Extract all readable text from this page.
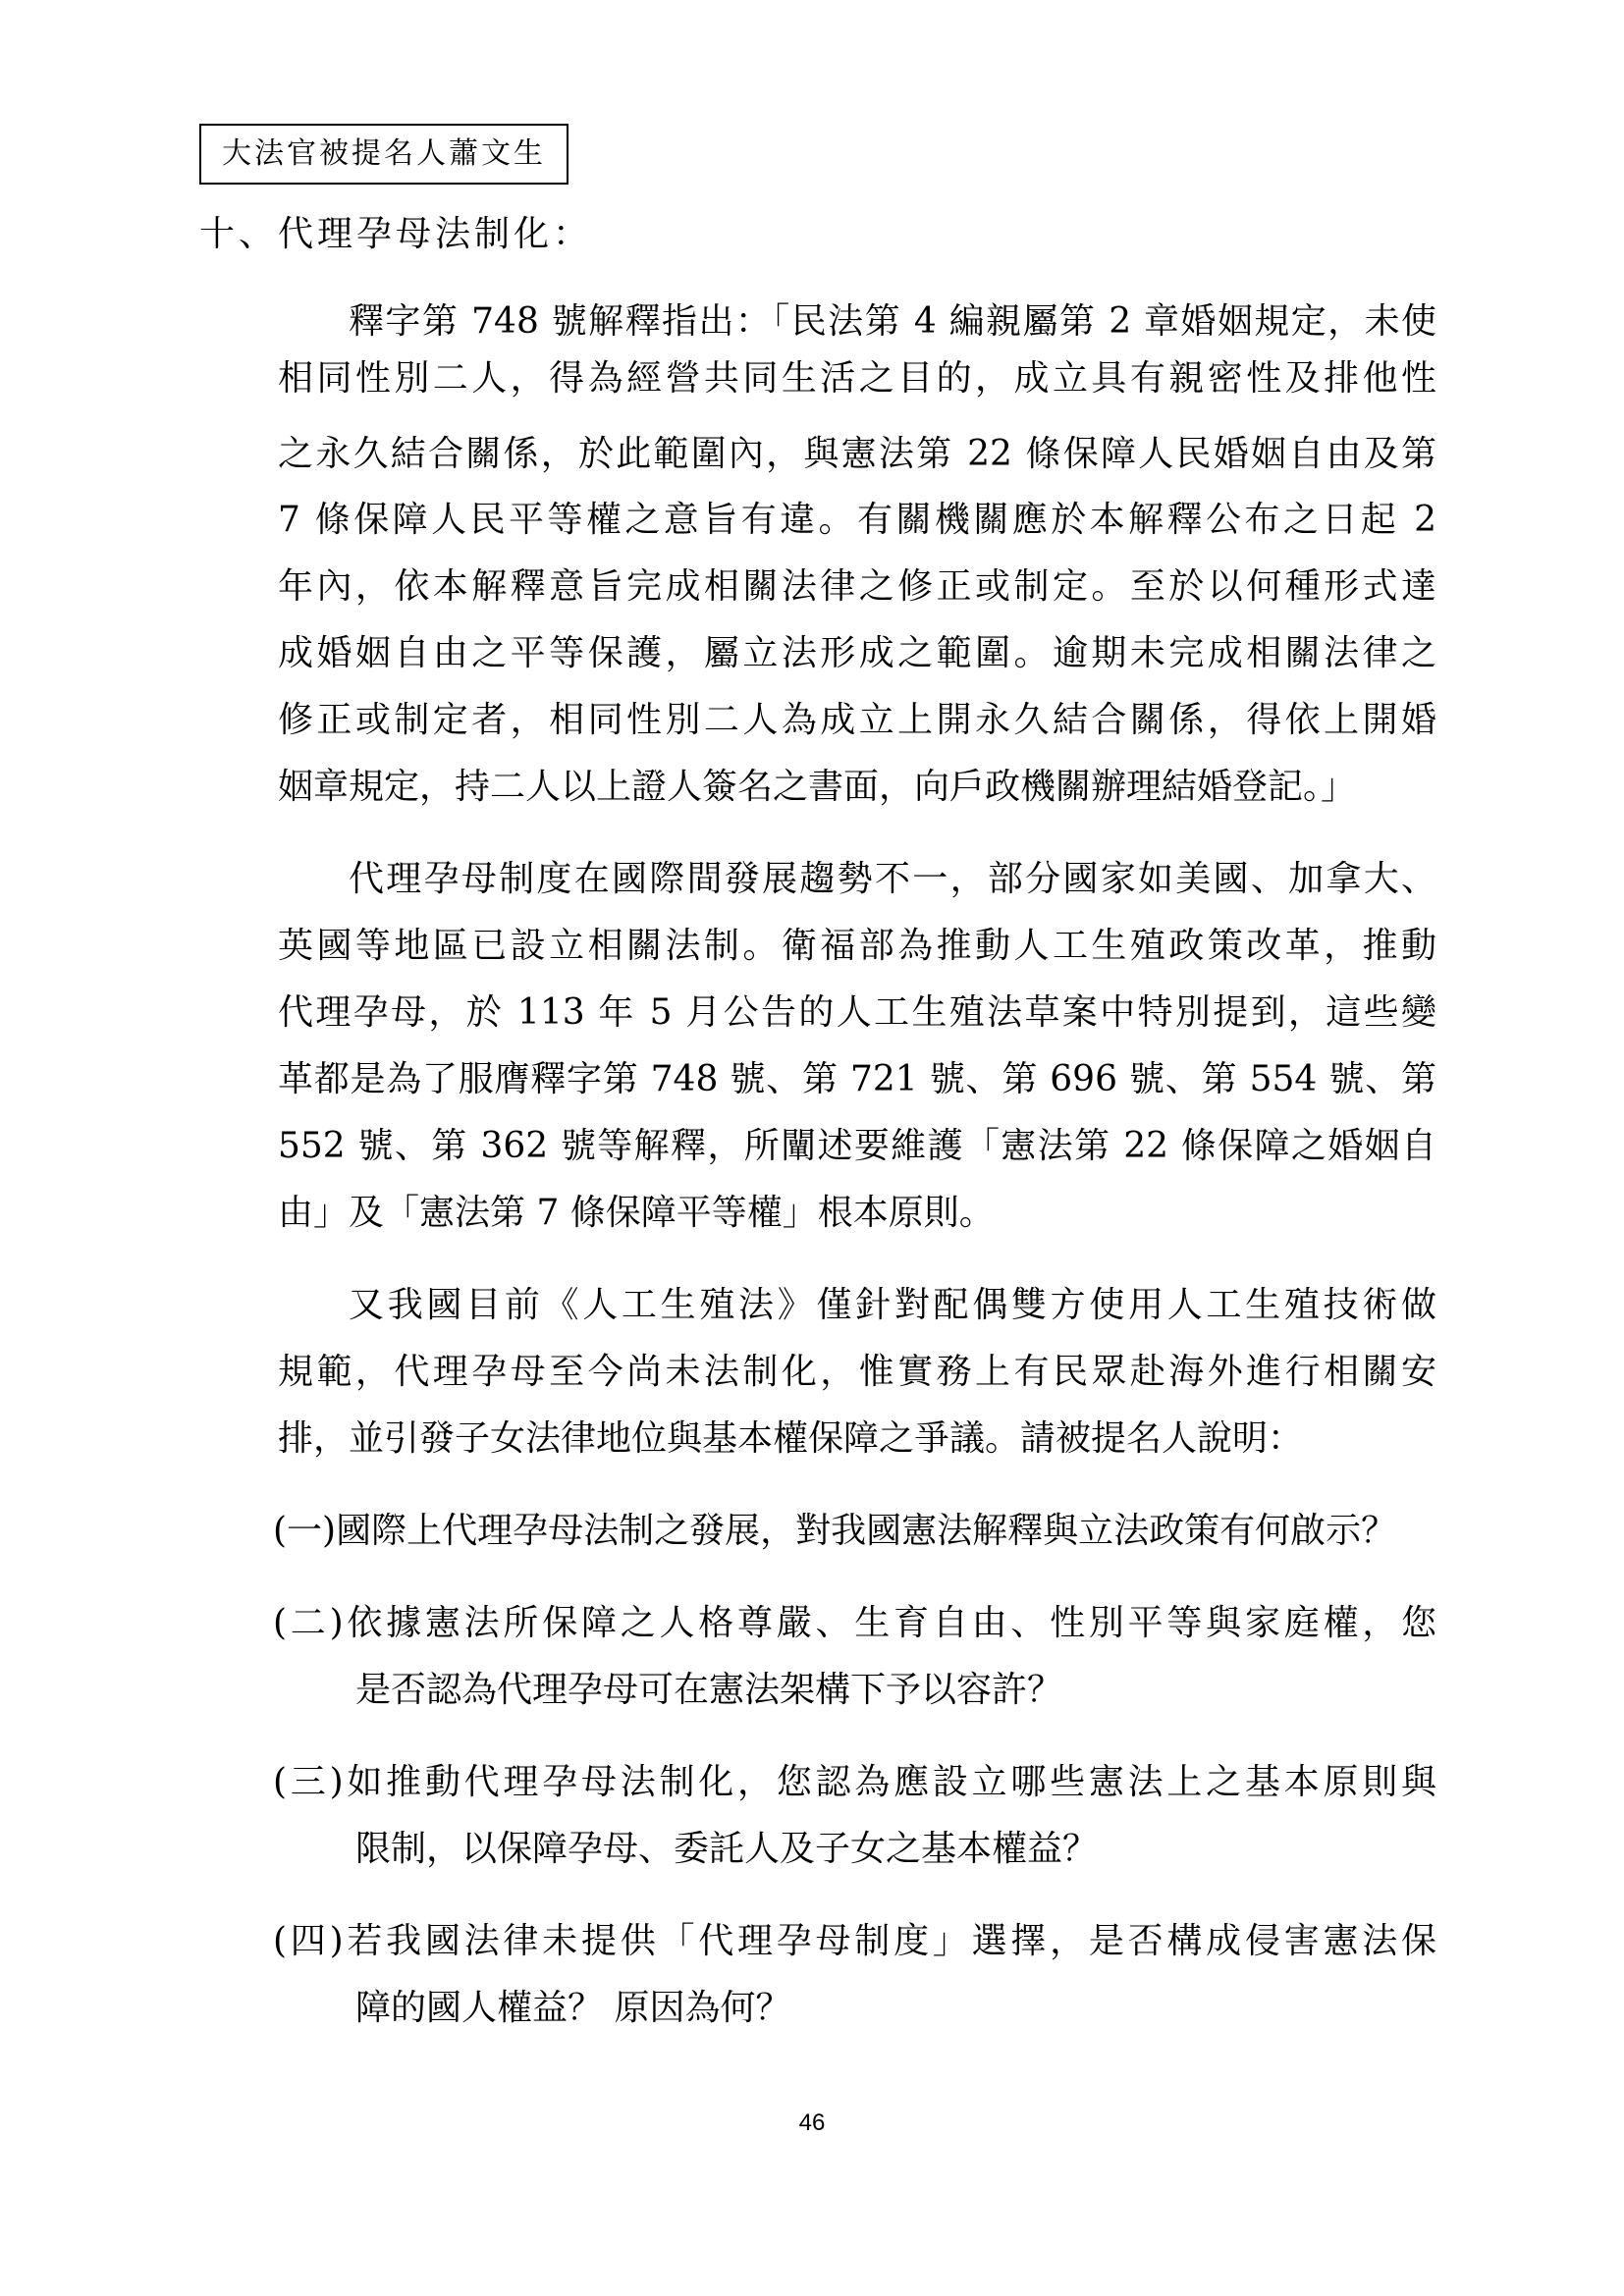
大法官被提名人蕭文生
十、代理孕母法制化：
釋字第 748 號解釋指出：「民法第 4 編親屬第 2 章婚姻規定，未使
相同性別二人，得為經營共同生活之目的，成立具有親密性及排他性
之永久結合關係，於此範圍內，與憲法第 22 條保障人民婚姻自由及第
7 條保障人民平等權之意旨有違。有關機關應於本解釋公布之日起 2
年內，依本解釋意旨完成相關法律之修正或制定。至於以何種形式達
成婚姻自由之平等保護，屬立法形成之範圍。逾期未完成相關法律之
修正或制定者，相同性別二人為成立上開永久結合關係，得依上開婚
姻章規定，持二人以上證人簽名之書面，向戶政機關辦理結婚登記。」
代理孕母制度在國際間發展趨勢不一，部分國家如美國、加拿大、
英國等地區已設立相關法制。衛福部為推動人工生殖政策改革，推動
代理孕母，於 113 年 5 月公告的人工生殖法草案中特別提到，這些變
革都是為了服膺釋字第 748 號、第 721 號、第 696 號、第 554 號、第
552 號、第 362 號等解釋，所闡述要維護「憲法第 22 條保障之婚姻自
由」及「憲法第 7 條保障平等權」根本原則。
又我國目前《人工生殖法》僅針對配偶雙方使用人工生殖技術做
規範，代理孕母至今尚未法制化，惟實務上有民眾赴海外進行相關安
排，並引發子女法律地位與基本權保障之爭議。請被提名人說明：
(一)國際上代理孕母法制之發展，對我國憲法解釋與立法政策有何啟示？
(二)依據憲法所保障之人格尊嚴、生育自由、性別平等與家庭權，您
是否認為代理孕母可在憲法架構下予以容許？
(三)如推動代理孕母法制化，您認為應設立哪些憲法上之基本原則與
限制，以保障孕母、委託人及子女之基本權益？
(四)若我國法律未提供「代理孕母制度」選擇，是否構成侵害憲法保
障的國人權益？ 原因為何？
46
